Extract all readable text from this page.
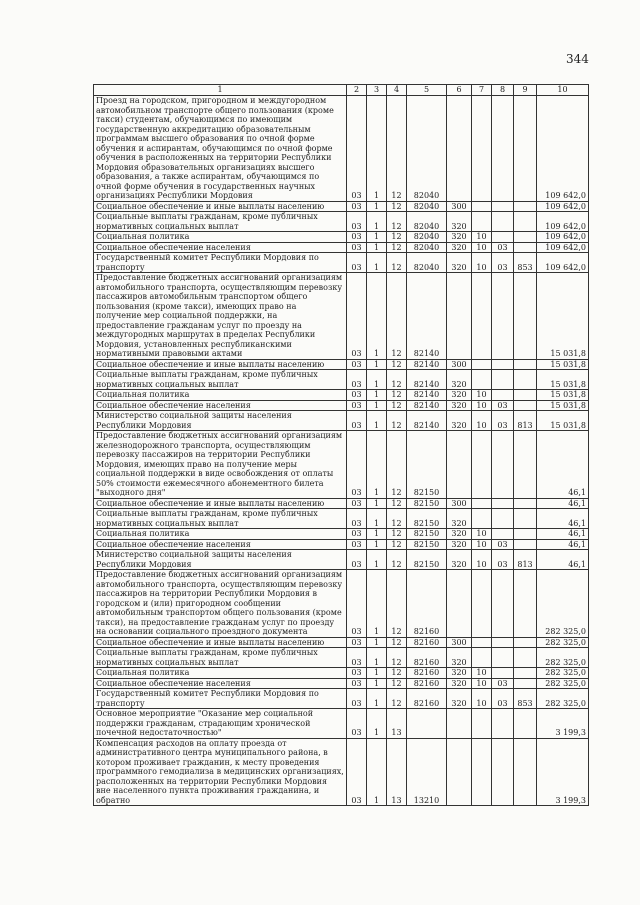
344
1	2	3	4	5	6	7	8	9	10
Проезд на городском, пригородном и междугородном автомобильном транспорте общего пользования (кроме такси) студентам, обучающимся по имеющим государственную аккредитацию образовательным программам высшего образования по очной форме обучения и аспирантам, обучающимся по очной форме обучения в расположенных на территории Республики Мордовия образовательных организациях высшего образования, а также аспирантам, обучающимся по очной форме обучения в государственных научных организациях Республики Мордовия	03	1	12	82040					109 642,0
Социальное обеспечение и иные выплаты населению	03	1	12	82040	300				109 642,0
Социальные выплаты гражданам, кроме публичных нормативных социальных выплат	03	1	12	82040	320				109 642,0
Социальная политика	03	1	12	82040	320	10			109 642,0
Социальное обеспечение населения	03	1	12	82040	320	10	03		109 642,0
Государственный комитет Республики Мордовия по транспорту	03	1	12	82040	320	10	03	853	109 642,0
Предоставление бюджетных ассигнований организациям автомобильного транспорта, осуществляющим перевозку пассажиров автомобильным транспортом общего пользования (кроме такси), имеющих право на получение мер социальной поддержки, на предоставление гражданам услуг по проезду на междугородных маршрутах в пределах Республики Мордовия, установленных республиканскими нормативными правовыми актами	03	1	12	82140					15 031,8
Социальное обеспечение и иные выплаты населению	03	1	12	82140	300				15 031,8
Социальные выплаты гражданам, кроме публичных нормативных социальных выплат	03	1	12	82140	320				15 031,8
Социальная политика	03	1	12	82140	320	10			15 031,8
Социальное обеспечение населения	03	1	12	82140	320	10	03		15 031,8
Министерство социальной защиты населения Республики Мордовия	03	1	12	82140	320	10	03	813	15 031,8
Предоставление бюджетных ассигнований организациям железнодорожного транспорта, осуществляющим перевозку пассажиров на территории Республики Мордовия, имеющих право на получение меры социальной поддержки в виде освобождения от оплаты 50% стоимости ежемесячного абонементного билета "выходного дня"	03	1	12	82150					46,1
Социальное обеспечение и иные выплаты населению	03	1	12	82150	300				46,1
Социальные выплаты гражданам, кроме публичных нормативных социальных выплат	03	1	12	82150	320				46,1
Социальная политика	03	1	12	82150	320	10			46,1
Социальное обеспечение населения	03	1	12	82150	320	10	03		46,1
Министерство социальной защиты населения Республики Мордовия	03	1	12	82150	320	10	03	813	46,1
Предоставление бюджетных ассигнований организациям автомобильного транспорта, осуществляющим перевозку пассажиров на территории Республики Мордовия в городском и (или) пригородном сообщении автомобильным транспортом общего пользования (кроме такси), на предоставление гражданам услуг по проезду на основании социального проездного документа	03	1	12	82160					282 325,0
Социальное обеспечение и иные выплаты населению	03	1	12	82160	300				282 325,0
Социальные выплаты гражданам, кроме публичных нормативных социальных выплат	03	1	12	82160	320				282 325,0
Социальная политика	03	1	12	82160	320	10			282 325,0
Социальное обеспечение населения	03	1	12	82160	320	10	03		282 325,0
Государственный комитет Республики Мордовия по транспорту	03	1	12	82160	320	10	03	853	282 325,0
Основное мероприятие "Оказание мер социальной поддержки гражданам, страдающим хронической почечной недостаточностью"	03	1	13						3 199,3
Компенсация расходов на оплату проезда от административного центра муниципального района, в котором проживает гражданин, к месту проведения программного гемодиализа в медицинских организациях, расположенных на территории Республики Мордовия вне населенного пункта проживания гражданина, и обратно	03	1	13	13210					3 199,3
